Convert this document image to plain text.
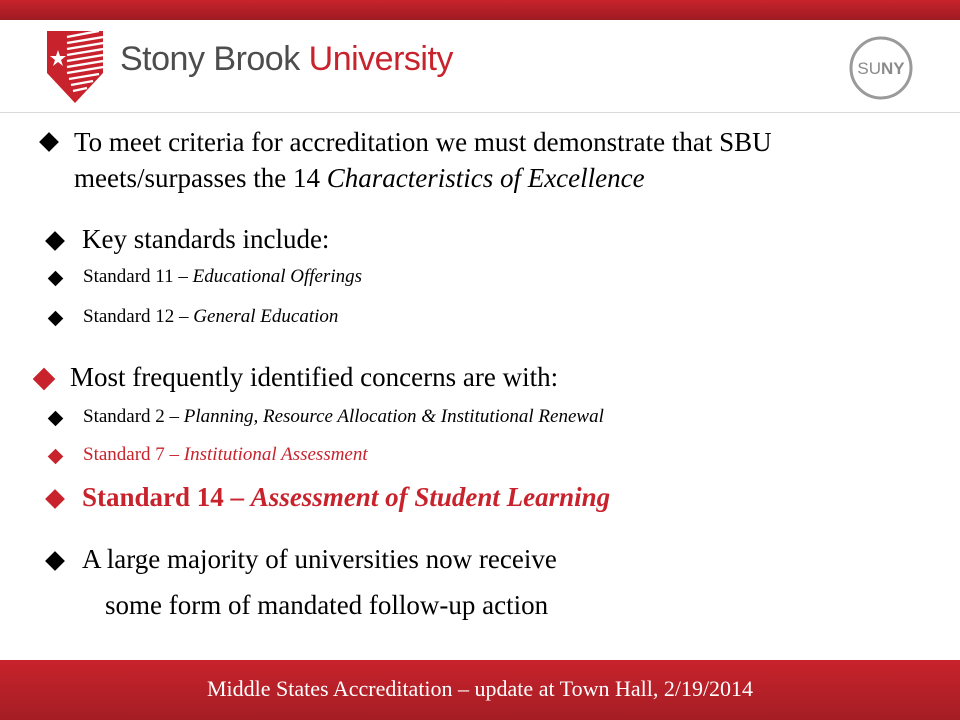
Stony Brook University	SUNY
To meet criteria for accreditation we must demonstrate that SBU
meets/surpasses the 14 Characteristics of Excellence
Key standards include:
Standard 11 – Educational Offerings
Standard 12 – General Education
Most frequently identified concerns are with:
Standard 2 – Planning, Resource Allocation & Institutional Renewal
Standard 7 – Institutional Assessment
Standard 14 – Assessment of Student Learning
A large majority of universities now receive
some form of mandated follow-up action
Middle States Accreditation – update at Town Hall, 2/19/2014
